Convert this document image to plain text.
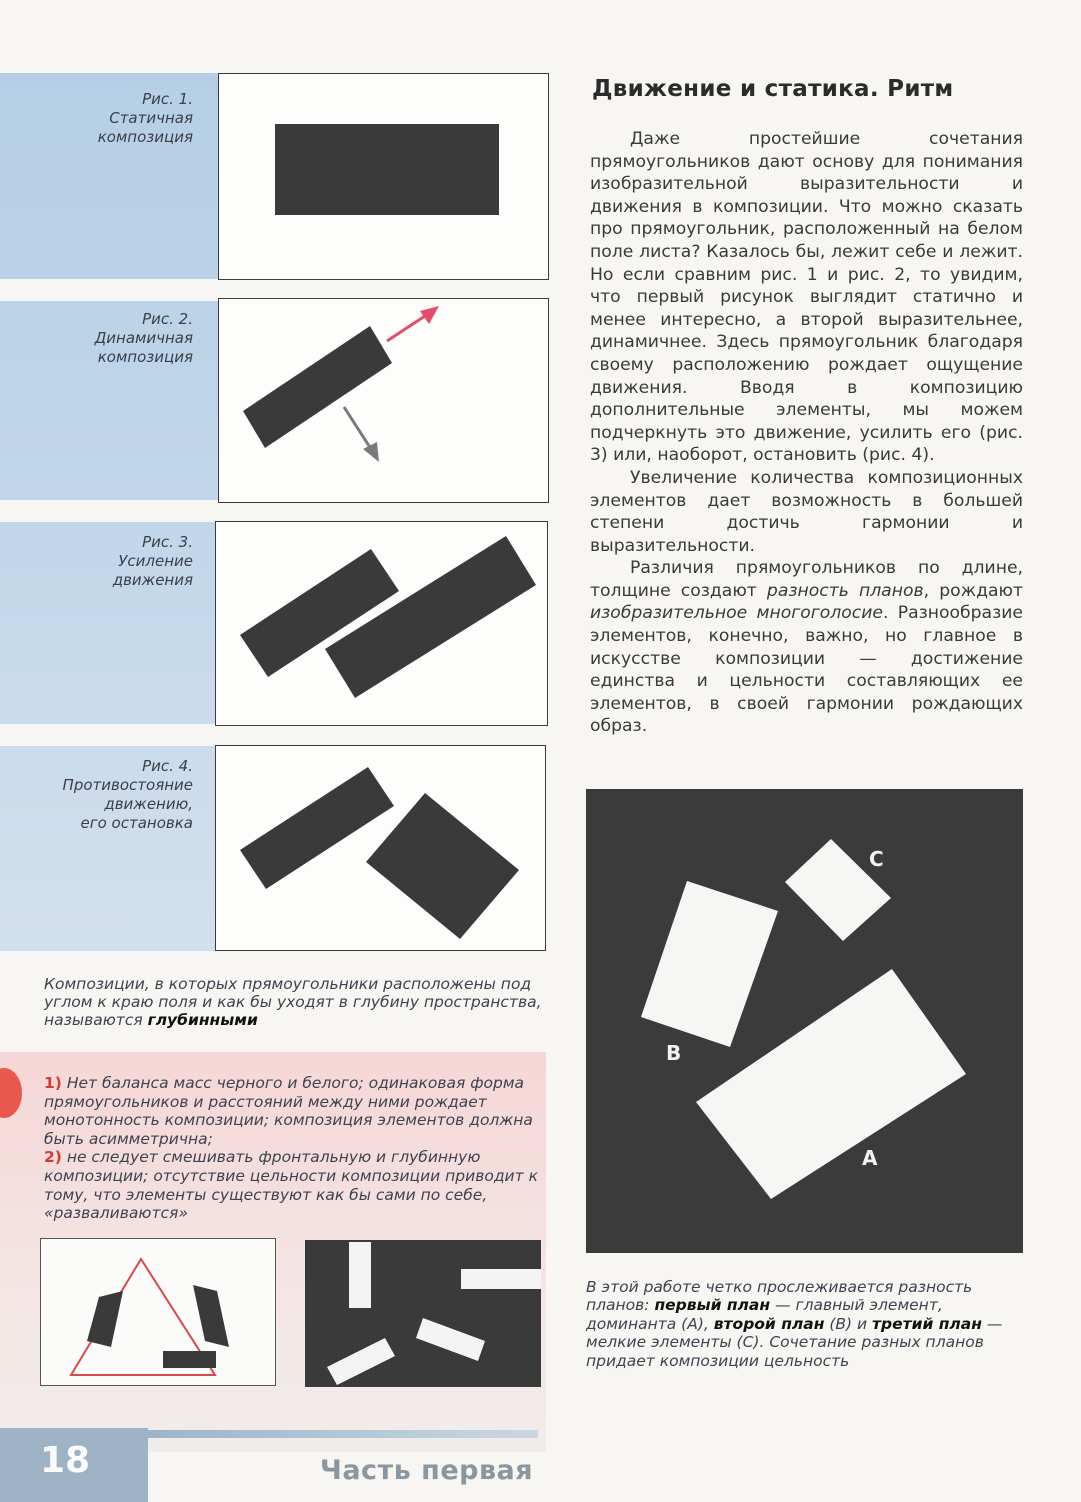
Рис. 1.
Статичная
композиция
Рис. 2.
Динамичная
композиция
Рис. 3.
Усиление
движения
Рис. 4.
Противостояние
движению,
его остановка
Композиции, в которых прямоугольники расположены под углом к краю поля и как бы уходят в глубину пространства, называются глубинными
1) Нет баланса масс черного и белого; одинаковая форма прямоугольников и расстояний между ними рождает монотонность композиции; композиция элементов должна быть асимметрична;
2) не следует смешивать фронтальную и глубинную композиции; отсутствие цельности композиции приводит к тому, что элементы существуют как бы сами по себе, «разваливаются»
18	Часть первая
Движение и статика. Ритм

Даже простейшие сочетания прямоугольников дают основу для понимания изобразительной выразительности и движения в композиции. Что можно сказать про прямоугольник, расположенный на белом поле листа? Казалось бы, лежит себе и лежит. Но если сравним рис. 1 и рис. 2, то увидим, что первый рисунок выглядит статично и менее интересно, а второй выразительнее, динамичнее. Здесь прямоугольник благодаря своему расположению рождает ощущение движения. Вводя в композицию дополнительные элементы, мы можем подчеркнуть это движение, усилить его (рис. 3) или, наоборот, остановить (рис. 4).

Увеличение количества композиционных элементов дает возможность в большей степени достичь гармонии и выразительности.

Различия прямоугольников по длине, толщине создают разность планов, рождают изобразительное многоголосие. Разнообразие элементов, конечно, важно, но главное в искусстве композиции — достижение единства и цельности составляющих ее элементов, в своей гармонии рождающих образ.

A
B
C
В этой работе четко прослеживается разность планов: первый план — главный элемент, доминанта (А), второй план (В) и третий план — мелкие элементы (С). Сочетание разных планов придает композиции цельность
